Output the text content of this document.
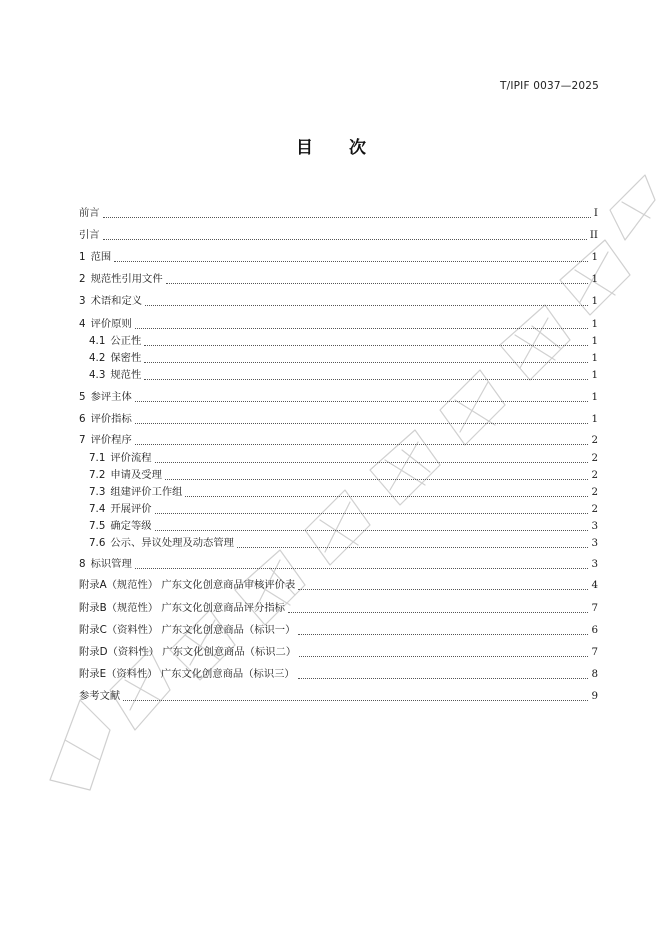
T/IPIF 0037—2025
目 次
前言	I
引言	II
1 范围	1
2 规范性引用文件	1
3 术语和定义	1
4 评价原则	1
4.1 公正性	1
4.2 保密性	1
4.3 规范性	1
5 参评主体	1
6 评价指标	1
7 评价程序	2
7.1 评价流程	2
7.2 申请及受理	2
7.3 组建评价工作组	2
7.4 开展评价	2
7.5 确定等级	3
7.6 公示、异议处理及动态管理	3
8 标识管理	3
附录A（规范性） 广东文化创意商品审核评价表	4
附录B（规范性） 广东文化创意商品评分指标	7
附录C（资料性） 广东文化创意商品（标识一）	6
附录D（资料性） 广东文化创意商品（标识二）	7
附录E（资料性） 广东文化创意商品（标识三）	8
参考文献	9
